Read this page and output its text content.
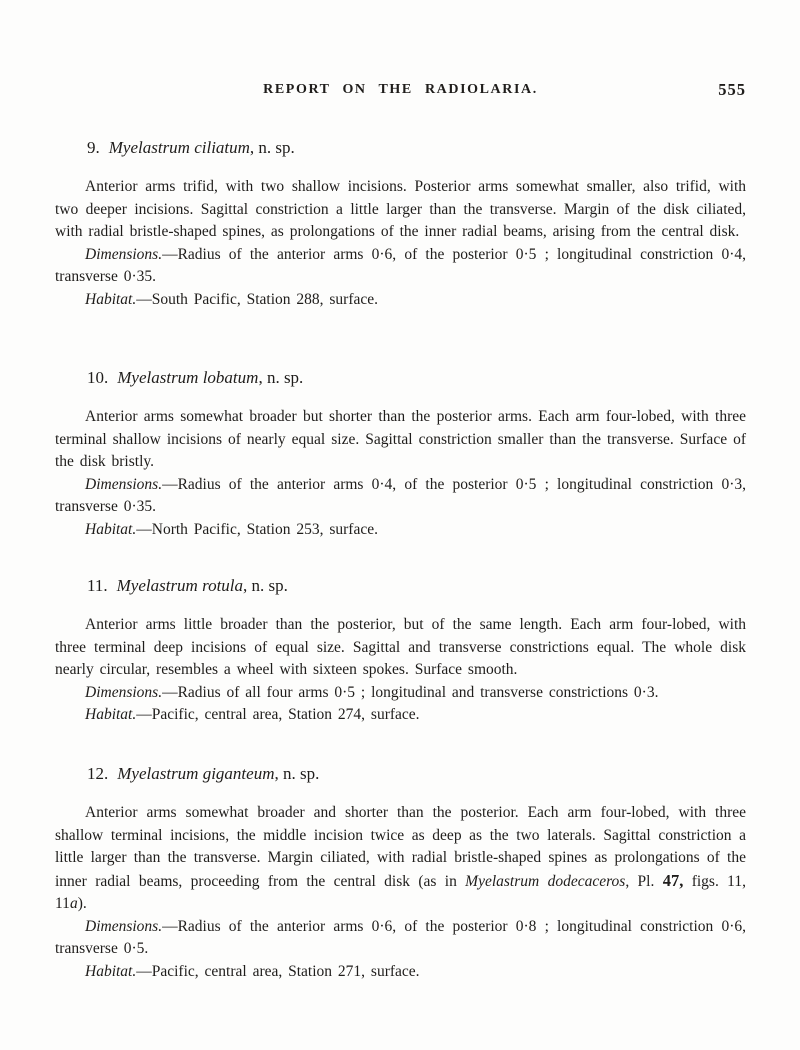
REPORT ON THE RADIOLARIA.	555
9. Myelastrum ciliatum, n. sp.

Anterior arms trifid, with two shallow incisions. Posterior arms somewhat smaller, also trifid, with two deeper incisions. Sagittal constriction a little larger than the transverse. Margin of the disk ciliated, with radial bristle-shaped spines, as prolongations of the inner radial beams, arising from the central disk.

Dimensions.—Radius of the anterior arms 0·6, of the posterior 0·5 ; longitudinal constriction 0·4, transverse 0·35.

Habitat.—South Pacific, Station 288, surface.

10. Myelastrum lobatum, n. sp.

Anterior arms somewhat broader but shorter than the posterior arms. Each arm four-lobed, with three terminal shallow incisions of nearly equal size. Sagittal constriction smaller than the transverse. Surface of the disk bristly.

Dimensions.—Radius of the anterior arms 0·4, of the posterior 0·5 ; longitudinal constriction 0·3, transverse 0·35.

Habitat.—North Pacific, Station 253, surface.

11. Myelastrum rotula, n. sp.

Anterior arms little broader than the posterior, but of the same length. Each arm four-lobed, with three terminal deep incisions of equal size. Sagittal and transverse constrictions equal. The whole disk nearly circular, resembles a wheel with sixteen spokes. Surface smooth.

Dimensions.—Radius of all four arms 0·5 ; longitudinal and transverse constrictions 0·3.

Habitat.—Pacific, central area, Station 274, surface.

12. Myelastrum giganteum, n. sp.

Anterior arms somewhat broader and shorter than the posterior. Each arm four-lobed, with three shallow terminal incisions, the middle incision twice as deep as the two laterals. Sagittal constriction a little larger than the transverse. Margin ciliated, with radial bristle-shaped spines as prolongations of the inner radial beams, proceeding from the central disk (as in Myelastrum dodecaceros, Pl. 47, figs. 11, 11a).

Dimensions.—Radius of the anterior arms 0·6, of the posterior 0·8 ; longitudinal constriction 0·6, transverse 0·5.

Habitat.—Pacific, central area, Station 271, surface.
